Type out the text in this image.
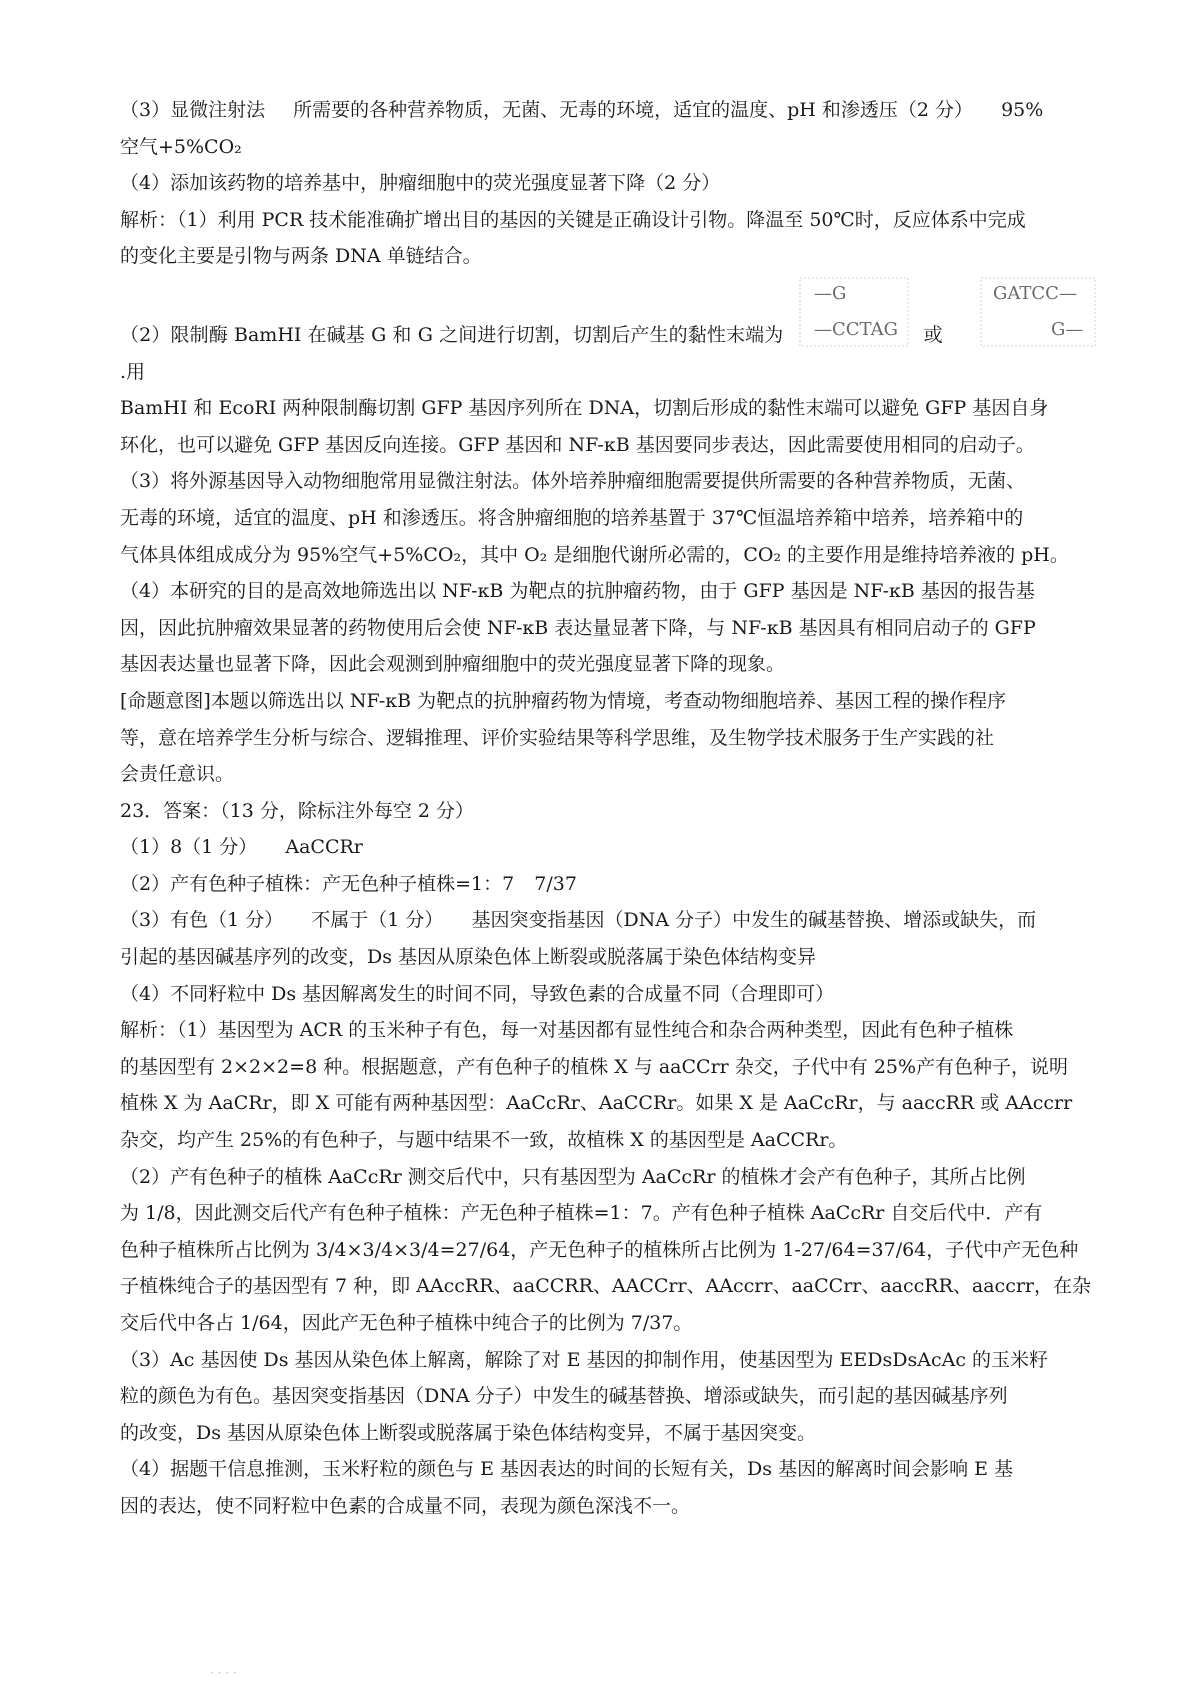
（3）显微注射法 所需要的各种营养物质，无菌、无毒的环境，适宜的温度、pH 和渗透压（2 分） 95%

空气+5%CO₂

（4）添加该药物的培养基中，肿瘤细胞中的荧光强度显著下降（2 分）

解析：（1）利用 PCR 技术能准确扩增出目的基因的关键是正确设计引物。降温至 50℃时，反应体系中完成

的变化主要是引物与两条 DNA 单链结合。

（2）限制酶 BamHI 在碱基 G 和 G 之间进行切割，切割后产生的黏性末端为
—G
—CCTAG 或
GATCC—
G—
.用

BamHI 和 EcoRI 两种限制酶切割 GFP 基因序列所在 DNA，切割后形成的黏性末端可以避免 GFP 基因自身

环化，也可以避免 GFP 基因反向连接。GFP 基因和 NF-κB 基因要同步表达，因此需要使用相同的启动子。

（3）将外源基因导入动物细胞常用显微注射法。体外培养肿瘤细胞需要提供所需要的各种营养物质，无菌、

无毒的环境，适宜的温度、pH 和渗透压。将含肿瘤细胞的培养基置于 37℃恒温培养箱中培养，培养箱中的

气体具体组成成分为 95%空气+5%CO₂，其中 O₂ 是细胞代谢所必需的，CO₂ 的主要作用是维持培养液的 pH。

（4）本研究的目的是高效地筛选出以 NF-κB 为靶点的抗肿瘤药物，由于 GFP 基因是 NF-κB 基因的报告基

因，因此抗肿瘤效果显著的药物使用后会使 NF-κB 表达量显著下降，与 NF-κB 基因具有相同启动子的 GFP

基因表达量也显著下降，因此会观测到肿瘤细胞中的荧光强度显著下降的现象。

[命题意图]本题以筛选出以 NF-κB 为靶点的抗肿瘤药物为情境，考查动物细胞培养、基因工程的操作程序

等，意在培养学生分析与综合、逻辑推理、评价实验结果等科学思维，及生物学技术服务于生产实践的社

会责任意识。

23．答案：（13 分，除标注外每空 2 分）

（1）8（1 分） AaCCRr

（2）产有色种子植株：产无色种子植株=1：7 7/37

（3）有色（1 分） 不属于（1 分） 基因突变指基因（DNA 分子）中发生的碱基替换、增添或缺失，而

引起的基因碱基序列的改变，Ds 基因从原染色体上断裂或脱落属于染色体结构变异

（4）不同籽粒中 Ds 基因解离发生的时间不同，导致色素的合成量不同（合理即可）

解析：（1）基因型为 ACR 的玉米种子有色，每一对基因都有显性纯合和杂合两种类型，因此有色种子植株

的基因型有 2×2×2=8 种。根据题意，产有色种子的植株 X 与 aaCCrr 杂交，子代中有 25%产有色种子，说明

植株 X 为 AaCRr，即 X 可能有两种基因型：AaCcRr、AaCCRr。如果 X 是 AaCcRr，与 aaccRR 或 AAccrr

杂交，均产生 25%的有色种子，与题中结果不一致，故植株 X 的基因型是 AaCCRr。

（2）产有色种子的植株 AaCcRr 测交后代中，只有基因型为 AaCcRr 的植株才会产有色种子，其所占比例

为 1/8，因此测交后代产有色种子植株：产无色种子植株=1：7。产有色种子植株 AaCcRr 自交后代中．产有

色种子植株所占比例为 3/4×3/4×3/4=27/64，产无色种子的植株所占比例为 1-27/64=37/64，子代中产无色种

子植株纯合子的基因型有 7 种，即 AAccRR、aaCCRR、AACCrr、AAccrr、aaCCrr、aaccRR、aaccrr，在杂

交后代中各占 1/64，因此产无色种子植株中纯合子的比例为 7/37。

（3）Ac 基因使 Ds 基因从染色体上解离，解除了对 E 基因的抑制作用，使基因型为 EEDsDsAcAc 的玉米籽

粒的颜色为有色。基因突变指基因（DNA 分子）中发生的碱基替换、增添或缺失，而引起的基因碱基序列

的改变，Ds 基因从原染色体上断裂或脱落属于染色体结构变异，不属于基因突变。

（4）据题干信息推测，玉米籽粒的颜色与 E 基因表达的时间的长短有关，Ds 基因的解离时间会影响 E 基

因的表达，使不同籽粒中色素的合成量不同，表现为颜色深浅不一。

· · · ·
